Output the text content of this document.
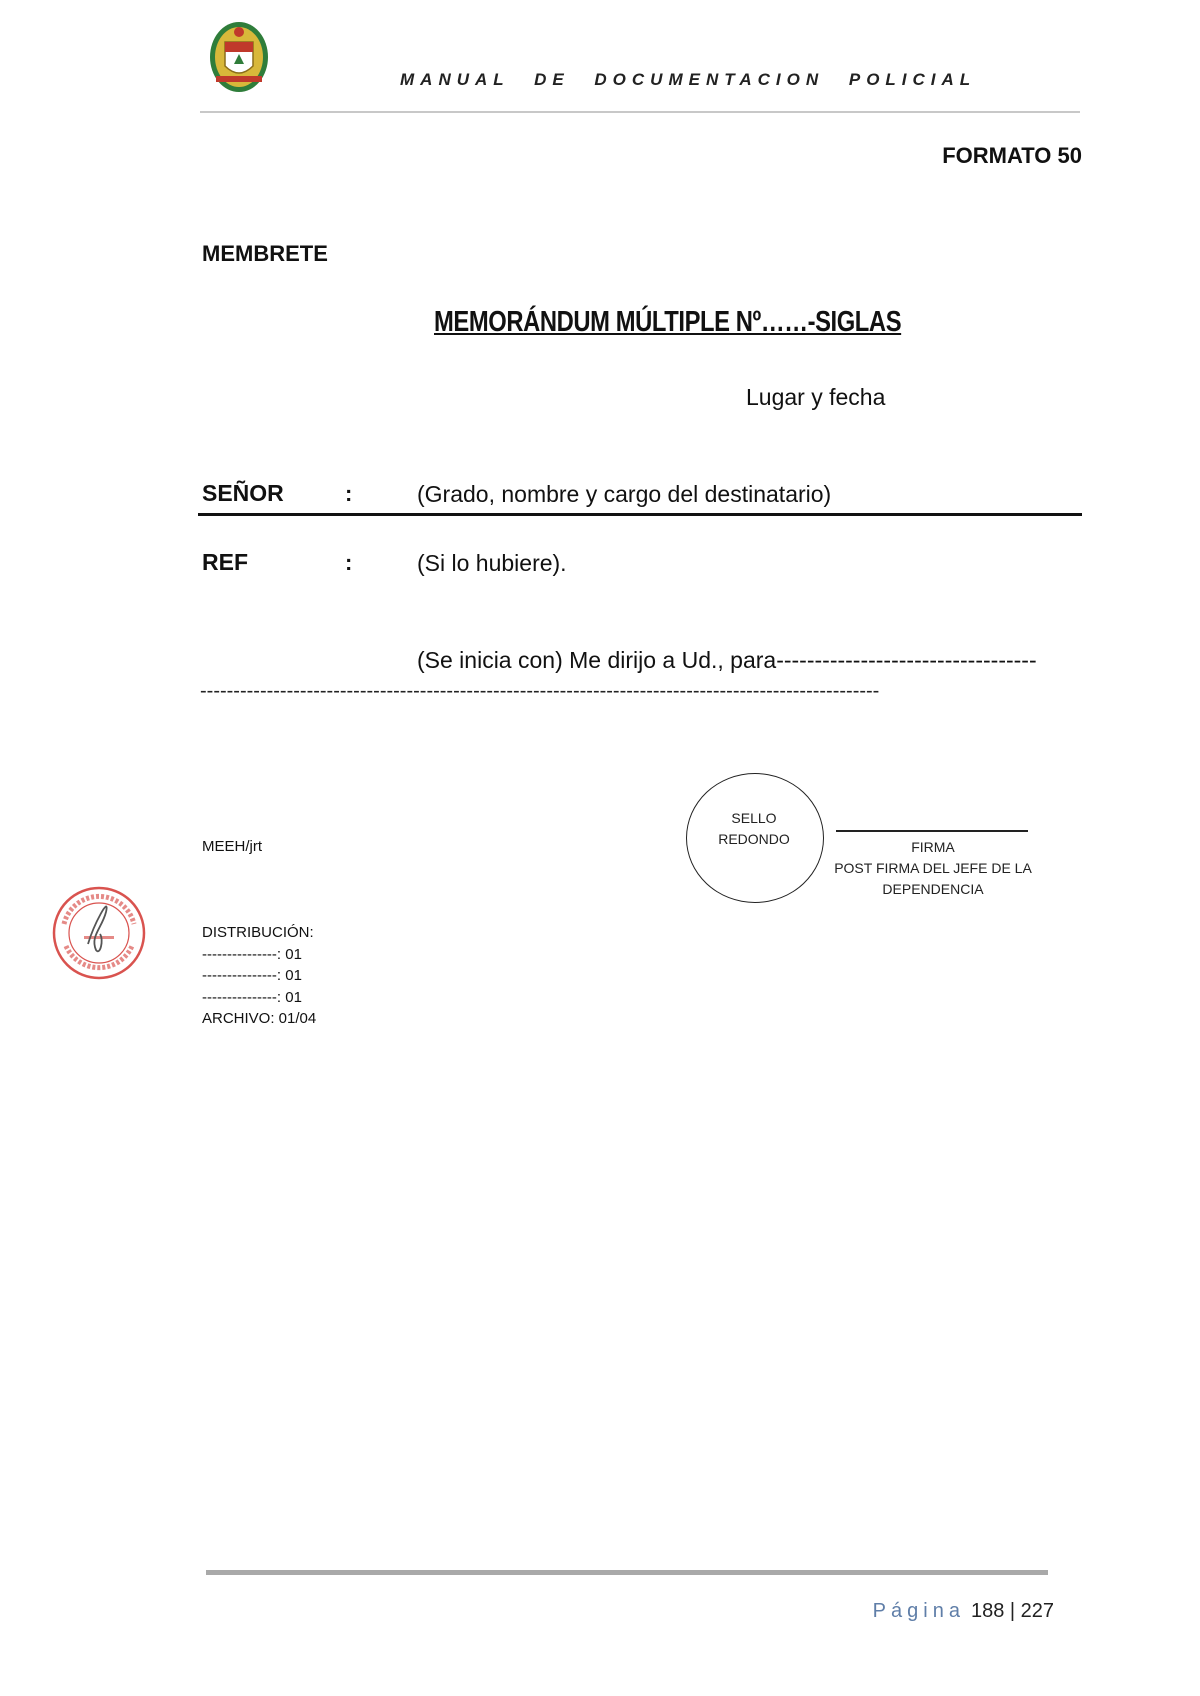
MANUAL DE DOCUMENTACION POLICIAL
FORMATO 50
MEMBRETE
MEMORÁNDUM MÚLTIPLE Nº……-SIGLAS
Lugar y fecha
SEÑOR	:	(Grado, nombre y cargo del destinatario)
REF	:	(Si lo hubiere).
(Se inicia con) Me dirijo a Ud., para----------------------------------
------------------------------------------------------------------------------------------------------
MEEH/jrt
SELLO
REDONDO	FIRMA
POST FIRMA DEL JEFE DE LA
DEPENDENCIA
DISTRIBUCIÓN:
---------------: 01
---------------: 01
---------------: 01
ARCHIVO: 01/04
Página 188 | 227
